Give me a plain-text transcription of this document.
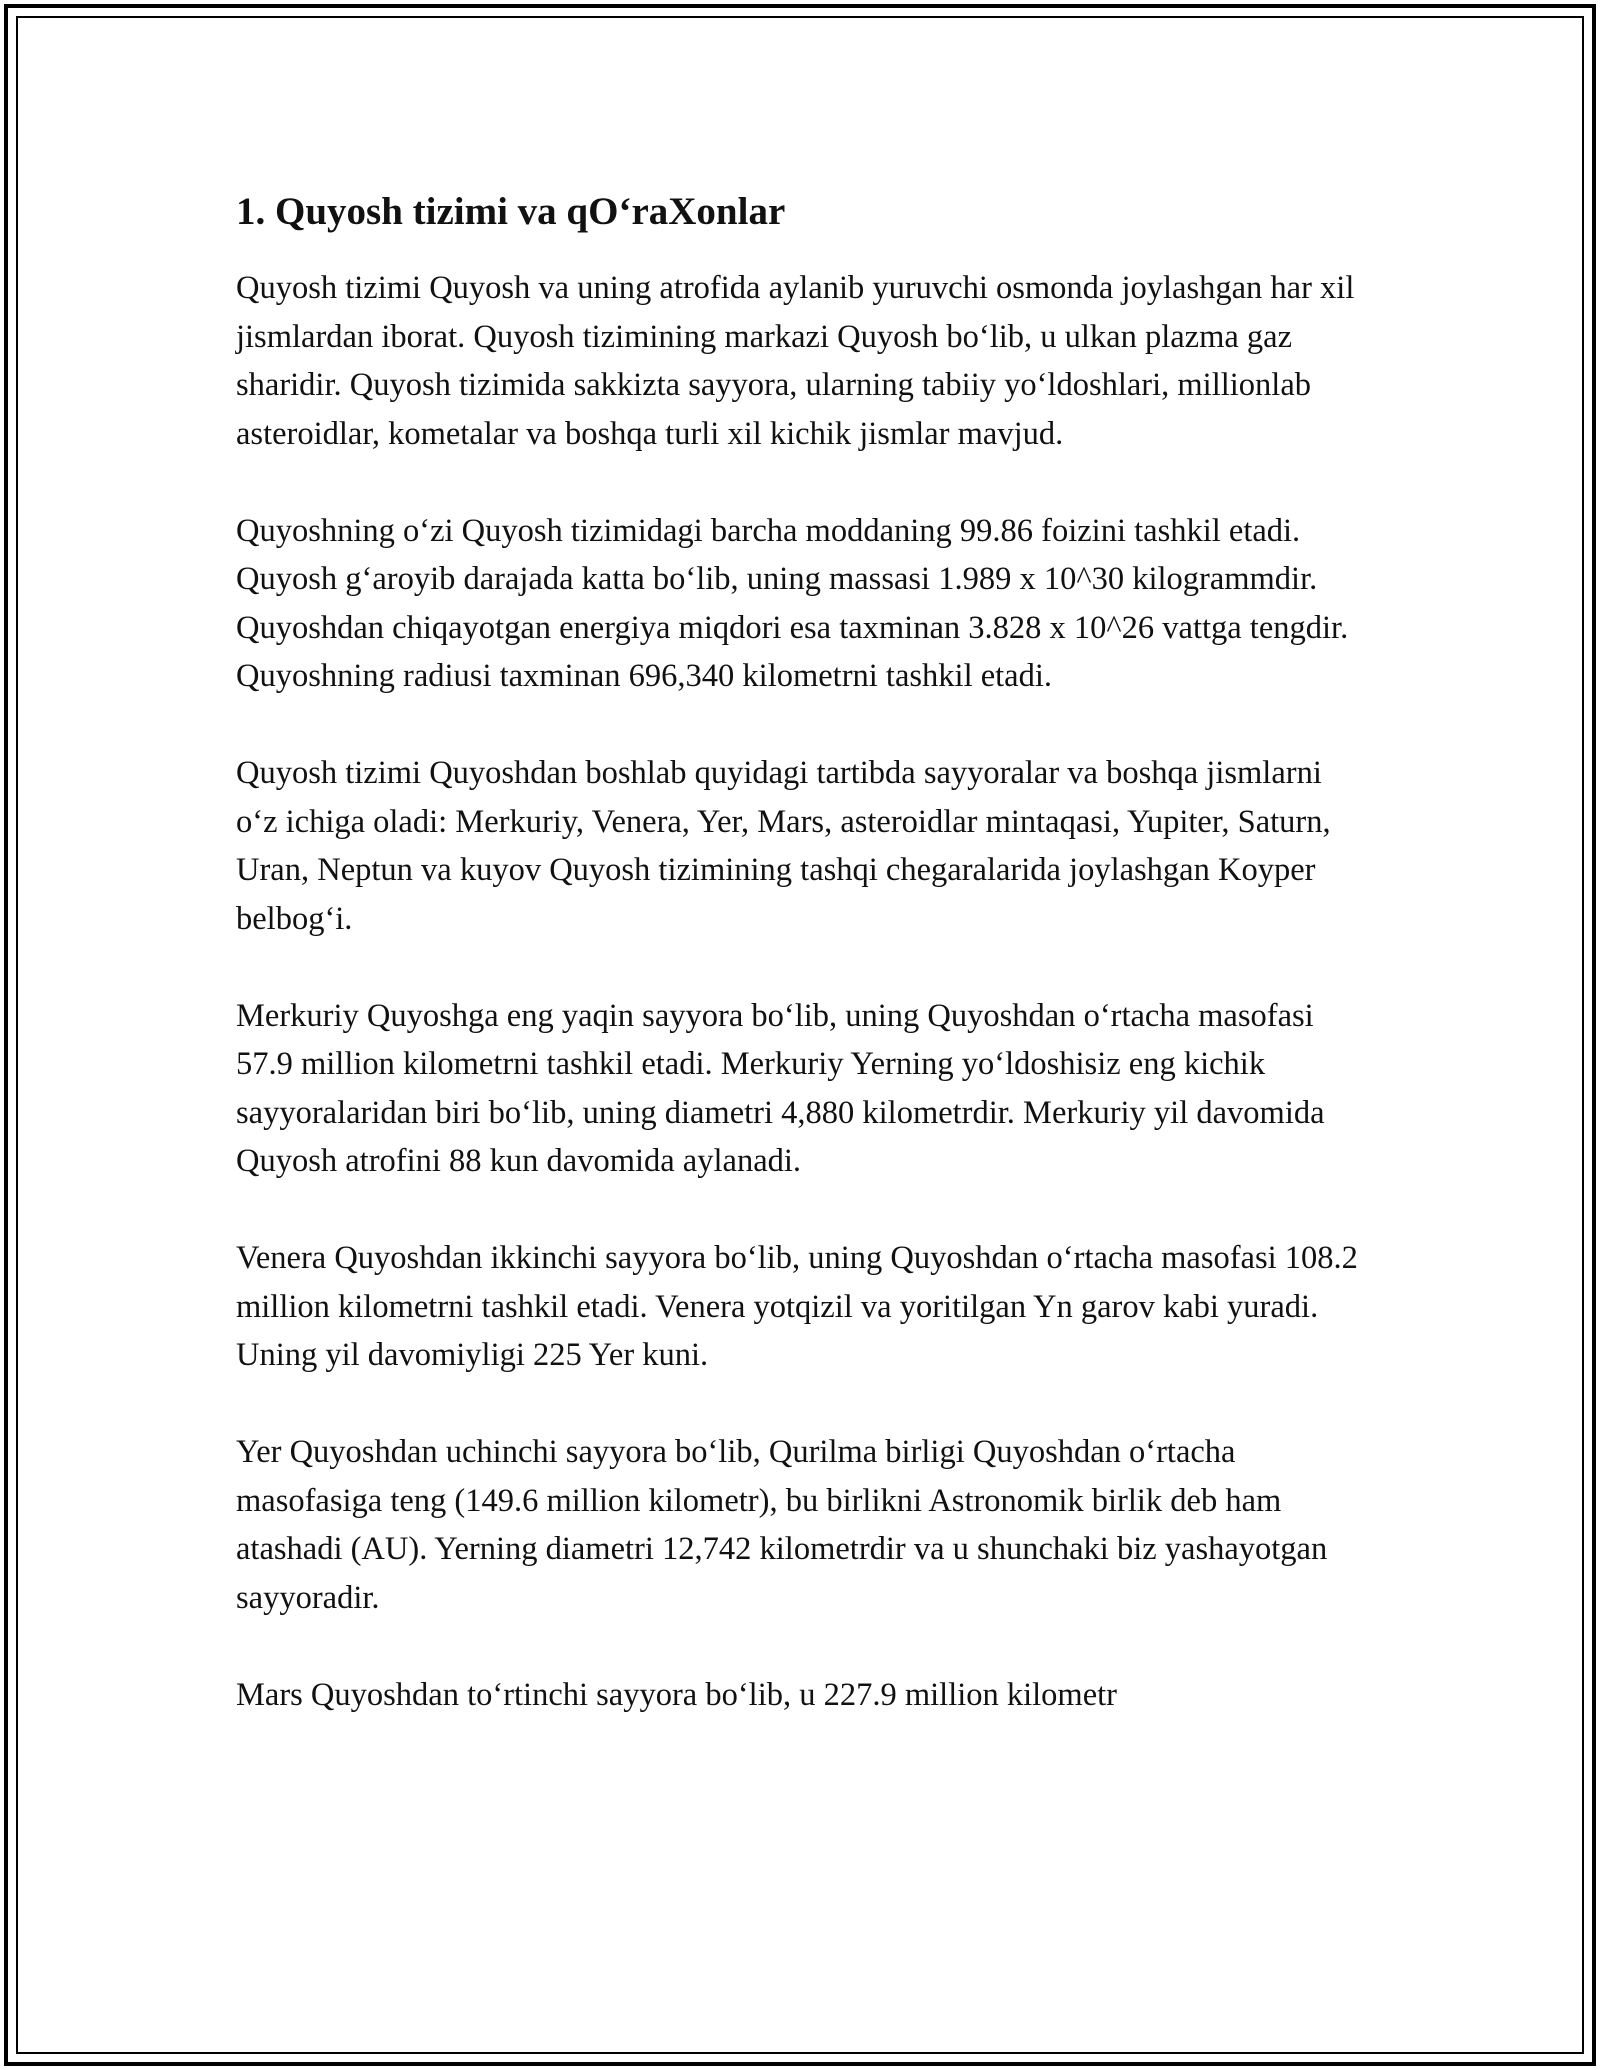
1. Quyosh tizimi va qO‘raXonlar

Quyosh tizimi Quyosh va uning atrofida aylanib yuruvchi osmonda joylashgan har xil jismlardan iborat. Quyosh tizimining markazi Quyosh bo‘lib, u ulkan plazma gaz sharidir. Quyosh tizimida sakkizta sayyora, ularning tabiiy yo‘ldoshlari, millionlab asteroidlar, kometalar va boshqa turli xil kichik jismlar mavjud.

Quyoshning o‘zi Quyosh tizimidagi barcha moddaning 99.86 foizini tashkil etadi. Quyosh g‘aroyib darajada katta bo‘lib, uning massasi 1.989 x 10^30 kilogrammdir. Quyoshdan chiqayotgan energiya miqdori esa taxminan 3.828 x 10^26 vattga tengdir. Quyoshning radiusi taxminan 696,340 kilometrni tashkil etadi.

Quyosh tizimi Quyoshdan boshlab quyidagi tartibda sayyoralar va boshqa jismlarni o‘z ichiga oladi: Merkuriy, Venera, Yer, Mars, asteroidlar mintaqasi, Yupiter, Saturn, Uran, Neptun va kuyov Quyosh tizimining tashqi chegaralarida joylashgan Koyper belbog‘i.

Merkuriy Quyoshga eng yaqin sayyora bo‘lib, uning Quyoshdan o‘rtacha masofasi 57.9 million kilometrni tashkil etadi. Merkuriy Yerning yo‘ldoshisiz eng kichik sayyoralaridan biri bo‘lib, uning diametri 4,880 kilometrdir. Merkuriy yil davomida Quyosh atrofini 88 kun davomida aylanadi.

Venera Quyoshdan ikkinchi sayyora bo‘lib, uning Quyoshdan o‘rtacha masofasi 108.2 million kilometrni tashkil etadi. Venera yotqizil va yoritilgan Yn garov kabi yuradi. Uning yil davomiyligi 225 Yer kuni.

Yer Quyoshdan uchinchi sayyora bo‘lib, Qurilma birligi Quyoshdan o‘rtacha masofasiga teng (149.6 million kilometr), bu birlikni Astronomik birlik deb ham atashadi (AU). Yerning diametri 12,742 kilometrdir va u shunchaki biz yashayotgan sayyoradir.

Mars Quyoshdan to‘rtinchi sayyora bo‘lib, u 227.9 million kilometr
